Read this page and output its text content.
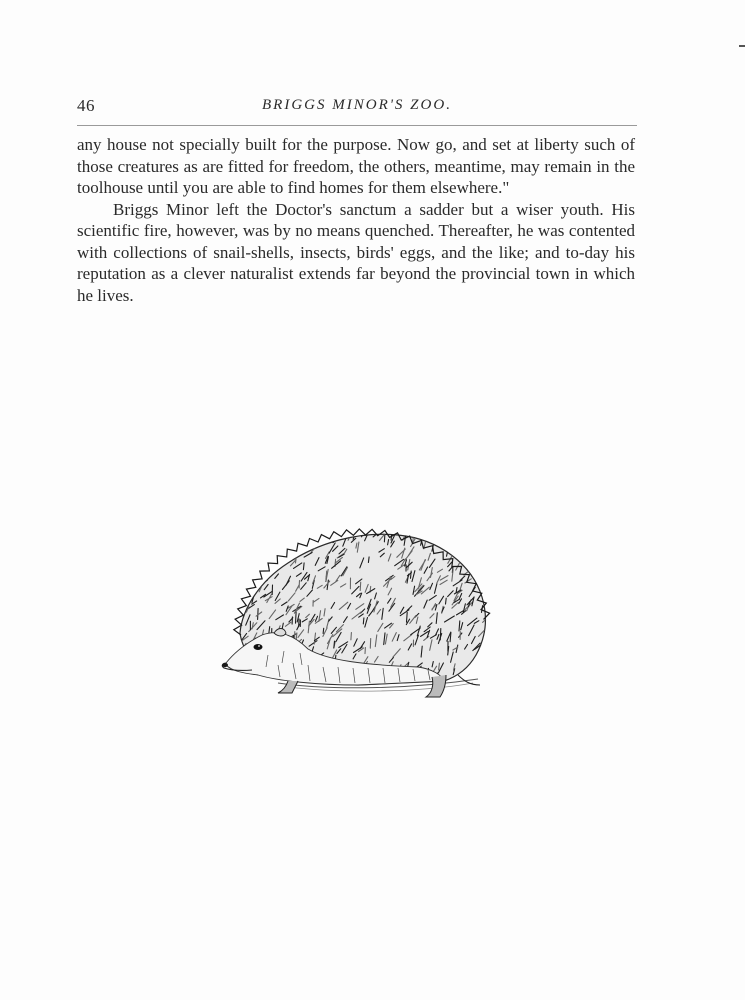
46	BRIGGS MINOR'S ZOO.

any house not specially built for the purpose. Now go, and set at liberty such of those creatures as are fitted for freedom, the others, meantime, may remain in the toolhouse until you are able to find homes for them elsewhere."

Briggs Minor left the Doctor's sanctum a sadder but a wiser youth. His scientific fire, however, was by no means quenched. Thereafter, he was contented with collections of snail-shells, insects, birds' eggs, and the like; and to-day his reputation as a clever naturalist extends far beyond the provincial town in which he lives.
